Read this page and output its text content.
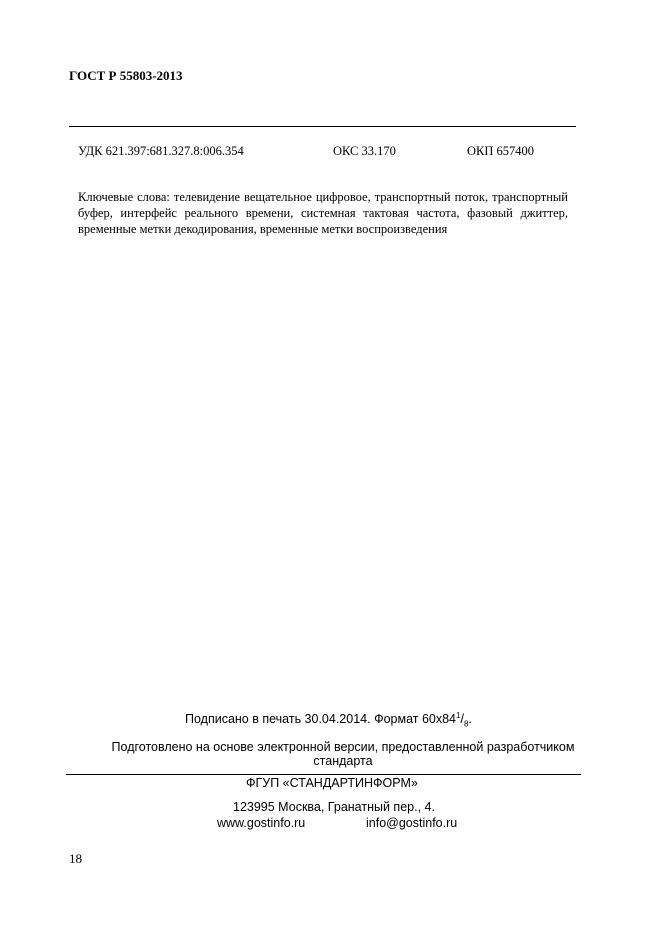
ГОСТ Р 55803-2013
УДК 621.397:681.327.8:006.354	ОКС 33.170	ОКП 657400
Ключевые слова: телевидение вещательное цифровое, транспортный поток, транспортный буфер, интерфейс реального времени, системная тактовая частота, фазовый джиттер, временные метки декодирования, временные метки воспроизведения
Подписано в печать 30.04.2014. Формат $60х84^1/_8$.
Подготовлено на основе электронной версии, предоставленной разработчиком стандарта
ФГУП «СТАНДАРТИНФОРМ»
123995 Москва, Гранатный пер., 4.
www.gostinfo.ru	info@gostinfo.ru
18
